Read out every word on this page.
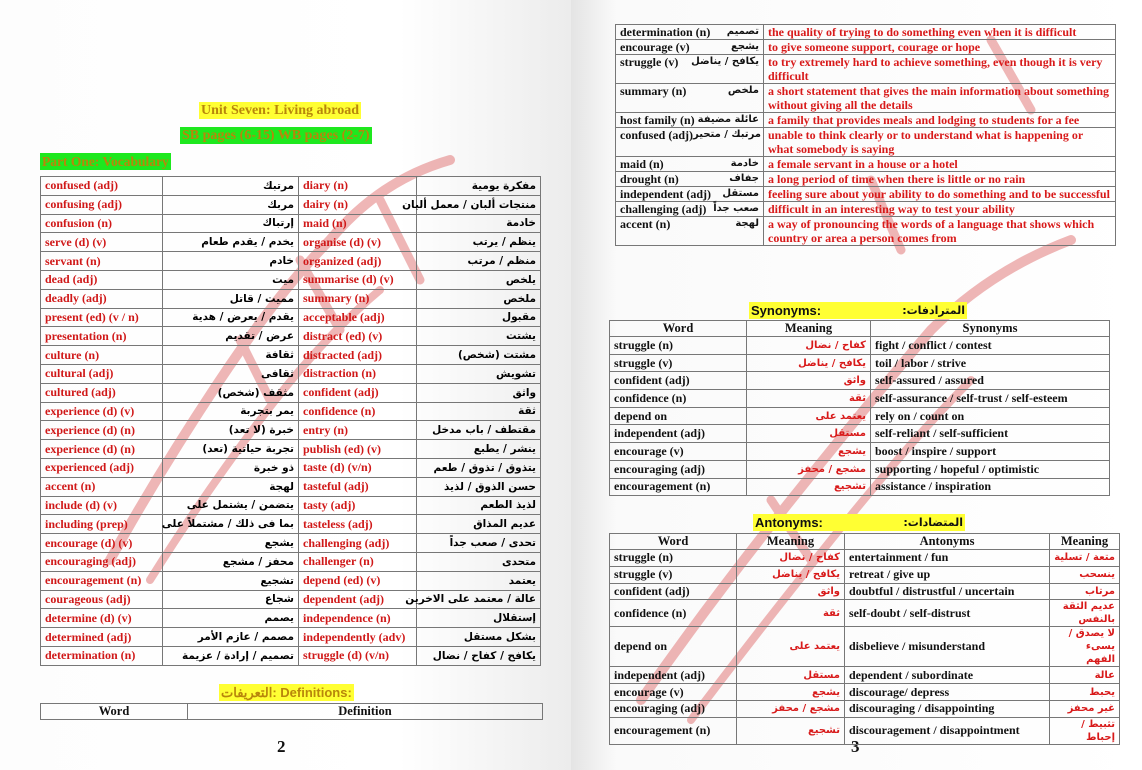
Unit Seven: Living abroad
SB pages (6-15) WB pages (2-7)
Part One: Vocabulary
confused (adj)	مرتبك	diary (n)	مفكرة يومية
confusing (adj)	مربك	dairy (n)	منتجات ألبان / معمل ألبان
confusion (n)	إرتباك	maid (n)	خادمة
serve (d) (v)	يخدم / يقدم طعام	organise (d) (v)	ينظم / يرتب
servant (n)	خادم	organized (adj)	منظم / مرتب
dead (adj)	ميت	summarise (d) (v)	يلخص
deadly (adj)	مميت / قاتل	summary (n)	ملخص
present (ed) (v / n)	يقدم / يعرض / هدية	acceptable (adj)	مقبول
presentation (n)	عرض / تقديم	distract (ed) (v)	يشتت
culture (n)	ثقافة	distracted (adj)	مشتت (شخص)
cultural (adj)	ثقافى	distraction (n)	تشويش
cultured (adj)	مثقف (شخص)	confident (adj)	واثق
experience (d) (v)	يمر بتجربة	confidence (n)	ثقة
experience (d) (n)	خبرة (لا تعد)	entry (n)	مقتطف / باب مدخل
experience (d) (n)	تجربة حياتية (تعد)	publish (ed) (v)	ينشر / يطبع
experienced (adj)	ذو خبرة	taste (d) (v/n)	يتذوق / تذوق / طعم
accent (n)	لهجة	tasteful (adj)	حسن الذوق / لذيذ
include (d) (v)	يتضمن / يشتمل على	tasty (adj)	لذيذ الطعم
including (prep)	بما فى ذلك / مشتملاً على	tasteless (adj)	عديم المذاق
encourage (d) (v)	يشجع	challenging (adj)	تحدى / صعب جداً
encouraging (adj)	محفز / مشجع	challenger (n)	متحدى
encouragement (n)	تشجيع	depend (ed) (v)	يعتمد
courageous (adj)	شجاع	dependent (adj)	عالة / معتمد على الاخرين
determine (d) (v)	يصمم	independence (n)	إستقلال
determined (adj)	مصمم / عازم الأمر	independently (adv)	بشكل مستقل
determination (n)	تصميم / إرادة / عزيمة	struggle (d) (v/n)	يكافح / كفاح / نضال
التعريفات: Definitions:
Word	Definition
2
determination (n) تصميم	the quality of trying to do something even when it is difficult

encourage (v) يشجع	to give someone support, courage or hope

struggle (v) يكافح / يناضل	to try extremely hard to achieve something, even though it is very difficult

summary (n) ملخص	a short statement that gives the main information about something without giving all the details

host family (n) عائلة مضيفة	a family that provides meals and lodging to students for a fee

confused (adj) مرتبك / متحير	unable to think clearly or to understand what is happening or what somebody is saying

maid (n) خادمة	a female servant in a house or a hotel

drought (n) جفاف	a long period of time when there is little or no rain

independent (adj) مستقل	feeling sure about your ability to do something and to be successful

challenging (adj) صعب جداً	difficult in an interesting way to test your ability

accent (n) لهجة	a way of pronouncing the words of a language that shows which country or area a person comes from
Synonyms:	المترادفات:
Word	Meaning	Synonyms
struggle (n)	كفاح / نضال	fight / conflict / contest
struggle (v)	يكافح / يناضل	toil / labor / strive
confident (adj)	واثق	self-assured / assured
confidence (n)	ثقة	self-assurance / self-trust / self-esteem
depend on	يعتمد على	rely on / count on
independent (adj)	مستقل	self-reliant / self-sufficient
encourage (v)	يشجع	boost / inspire / support
encouraging (adj)	مشجع / محفز	supporting / hopeful / optimistic
encouragement (n)	تشجيع	assistance / inspiration
Antonyms:	المتضادات:
Word	Meaning	Antonyms	Meaning
struggle (n)	كفاح / نضال	entertainment / fun	متعة / تسلية
struggle (v)	يكافح / يناضل	retreat / give up	ينسحب
confident (adj)	واثق	doubtful / distrustful / uncertain	مرتاب
confidence (n)	ثقة	self-doubt / self-distrust	عديم الثقة بالنفس
depend on	يعتمد على	disbelieve / misunderstand	لا يصدق / يسىء الفهم
independent (adj)	مستقل	dependent / subordinate	عالة
encourage (v)	يشجع	discourage/ depress	يحبط
encouraging (adj)	مشجع / محفز	discouraging / disappointing	غير محفز
encouragement (n)	تشجيع	discouragement / disappointment	تثبيط / إحباط
3
